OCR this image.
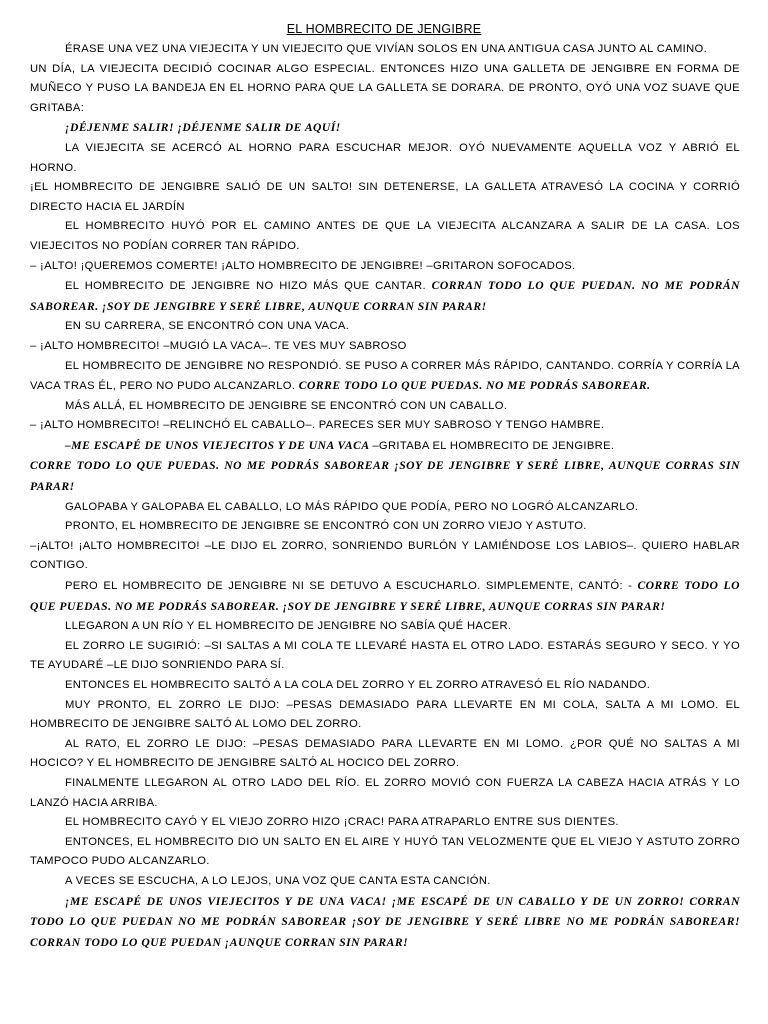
EL HOMBRECITO DE JENGIBRE

ÉRASE UNA VEZ UNA VIEJECITA Y UN VIEJECITO QUE VIVÍAN SOLOS EN UNA ANTIGUA CASA JUNTO AL CAMINO.

UN DÍA, LA VIEJECITA DECIDIÓ COCINAR ALGO ESPECIAL. ENTONCES HIZO UNA GALLETA DE JENGIBRE EN FORMA DE MUÑECO Y PUSO LA BANDEJA EN EL HORNO PARA QUE LA GALLETA SE DORARA. DE PRONTO, OYÓ UNA VOZ SUAVE QUE GRITABA:

¡DÉJENME SALIR! ¡DÉJENME SALIR DE AQUÍ!

LA VIEJECITA SE ACERCÓ AL HORNO PARA ESCUCHAR MEJOR. OYÓ NUEVAMENTE AQUELLA VOZ Y ABRIÓ EL HORNO.

¡EL HOMBRECITO DE JENGIBRE SALIÓ DE UN SALTO! SIN DETENERSE, LA GALLETA ATRAVESÓ LA COCINA Y CORRIÓ DIRECTO HACIA EL JARDÍN

EL HOMBRECITO HUYÓ POR EL CAMINO ANTES DE QUE LA VIEJECITA ALCANZARA A SALIR DE LA CASA. LOS VIEJECITOS NO PODÍAN CORRER TAN RÁPIDO.

– ¡ALTO! ¡QUEREMOS COMERTE! ¡ALTO HOMBRECITO DE JENGIBRE! –GRITARON SOFOCADOS.

EL HOMBRECITO DE JENGIBRE NO HIZO MÁS QUE CANTAR. CORRAN TODO LO QUE PUEDAN. NO ME PODRÁN SABOREAR. ¡SOY DE JENGIBRE Y SERÉ LIBRE, AUNQUE CORRAN SIN PARAR!

EN SU CARRERA, SE ENCONTRÓ CON UNA VACA.

– ¡ALTO HOMBRECITO! –MUGIÓ LA VACA–. TE VES MUY SABROSO

EL HOMBRECITO DE JENGIBRE NO RESPONDIÓ. SE PUSO A CORRER MÁS RÁPIDO, CANTANDO. CORRÍA Y CORRÍA LA VACA TRAS ÉL, PERO NO PUDO ALCANZARLO. CORRE TODO LO QUE PUEDAS. NO ME PODRÁS SABOREAR.

MÁS ALLÁ, EL HOMBRECITO DE JENGIBRE SE ENCONTRÓ CON UN CABALLO.

– ¡ALTO HOMBRECITO! –RELINCHÓ EL CABALLO–. PARECES SER MUY SABROSO Y TENGO HAMBRE.

–ME ESCAPÉ DE UNOS VIEJECITOS Y DE UNA VACA –GRITABA EL HOMBRECITO DE JENGIBRE.

CORRE TODO LO QUE PUEDAS. NO ME PODRÁS SABOREAR ¡SOY DE JENGIBRE Y SERÉ LIBRE, AUNQUE CORRAS SIN PARAR!

GALOPABA Y GALOPABA EL CABALLO, LO MÁS RÁPIDO QUE PODÍA, PERO NO LOGRÓ ALCANZARLO.

PRONTO, EL HOMBRECITO DE JENGIBRE SE ENCONTRÓ CON UN ZORRO VIEJO Y ASTUTO.

–¡ALTO! ¡ALTO HOMBRECITO! –LE DIJO EL ZORRO, SONRIENDO BURLÓN Y LAMIÉNDOSE LOS LABIOS–. QUIERO HABLAR CONTIGO.

PERO EL HOMBRECITO DE JENGIBRE NI SE DETUVO A ESCUCHARLO. SIMPLEMENTE, CANTÓ: - CORRE TODO LO QUE PUEDAS. NO ME PODRÁS SABOREAR. ¡SOY DE JENGIBRE Y SERÉ LIBRE, AUNQUE CORRAS SIN PARAR!

LLEGARON A UN RÍO Y EL HOMBRECITO DE JENGIBRE NO SABÍA QUÉ HACER.

EL ZORRO LE SUGIRIÓ: –SI SALTAS A MI COLA TE LLEVARÉ HASTA EL OTRO LADO. ESTARÁS SEGURO Y SECO. Y YO TE AYUDARÉ –LE DIJO SONRIENDO PARA SÍ.

ENTONCES EL HOMBRECITO SALTÓ A LA COLA DEL ZORRO Y EL ZORRO ATRAVESÓ EL RÍO NADANDO.

MUY PRONTO, EL ZORRO LE DIJO: –PESAS DEMASIADO PARA LLEVARTE EN MI COLA, SALTA A MI LOMO. EL HOMBRECITO DE JENGIBRE SALTÓ AL LOMO DEL ZORRO.

AL RATO, EL ZORRO LE DIJO: –PESAS DEMASIADO PARA LLEVARTE EN MI LOMO. ¿POR QUÉ NO SALTAS A MI HOCICO? Y EL HOMBRECITO DE JENGIBRE SALTÓ AL HOCICO DEL ZORRO.

FINALMENTE LLEGARON AL OTRO LADO DEL RÍO. EL ZORRO MOVIÓ CON FUERZA LA CABEZA HACIA ATRÁS Y LO LANZÓ HACIA ARRIBA.

EL HOMBRECITO CAYÓ Y EL VIEJO ZORRO HIZO ¡CRAC! PARA ATRAPARLO ENTRE SUS DIENTES.

ENTONCES, EL HOMBRECITO DIO UN SALTO EN EL AIRE Y HUYÓ TAN VELOZMENTE QUE EL VIEJO Y ASTUTO ZORRO TAMPOCO PUDO ALCANZARLO.

A VECES SE ESCUCHA, A LO LEJOS, UNA VOZ QUE CANTA ESTA CANCIÓN.

¡ME ESCAPÉ DE UNOS VIEJECITOS Y DE UNA VACA! ¡ME ESCAPÉ DE UN CABALLO Y DE UN ZORRO! CORRAN TODO LO QUE PUEDAN NO ME PODRÁN SABOREAR ¡SOY DE JENGIBRE Y SERÉ LIBRE NO ME PODRÁN SABOREAR! CORRAN TODO LO QUE PUEDAN ¡AUNQUE CORRAN SIN PARAR!
